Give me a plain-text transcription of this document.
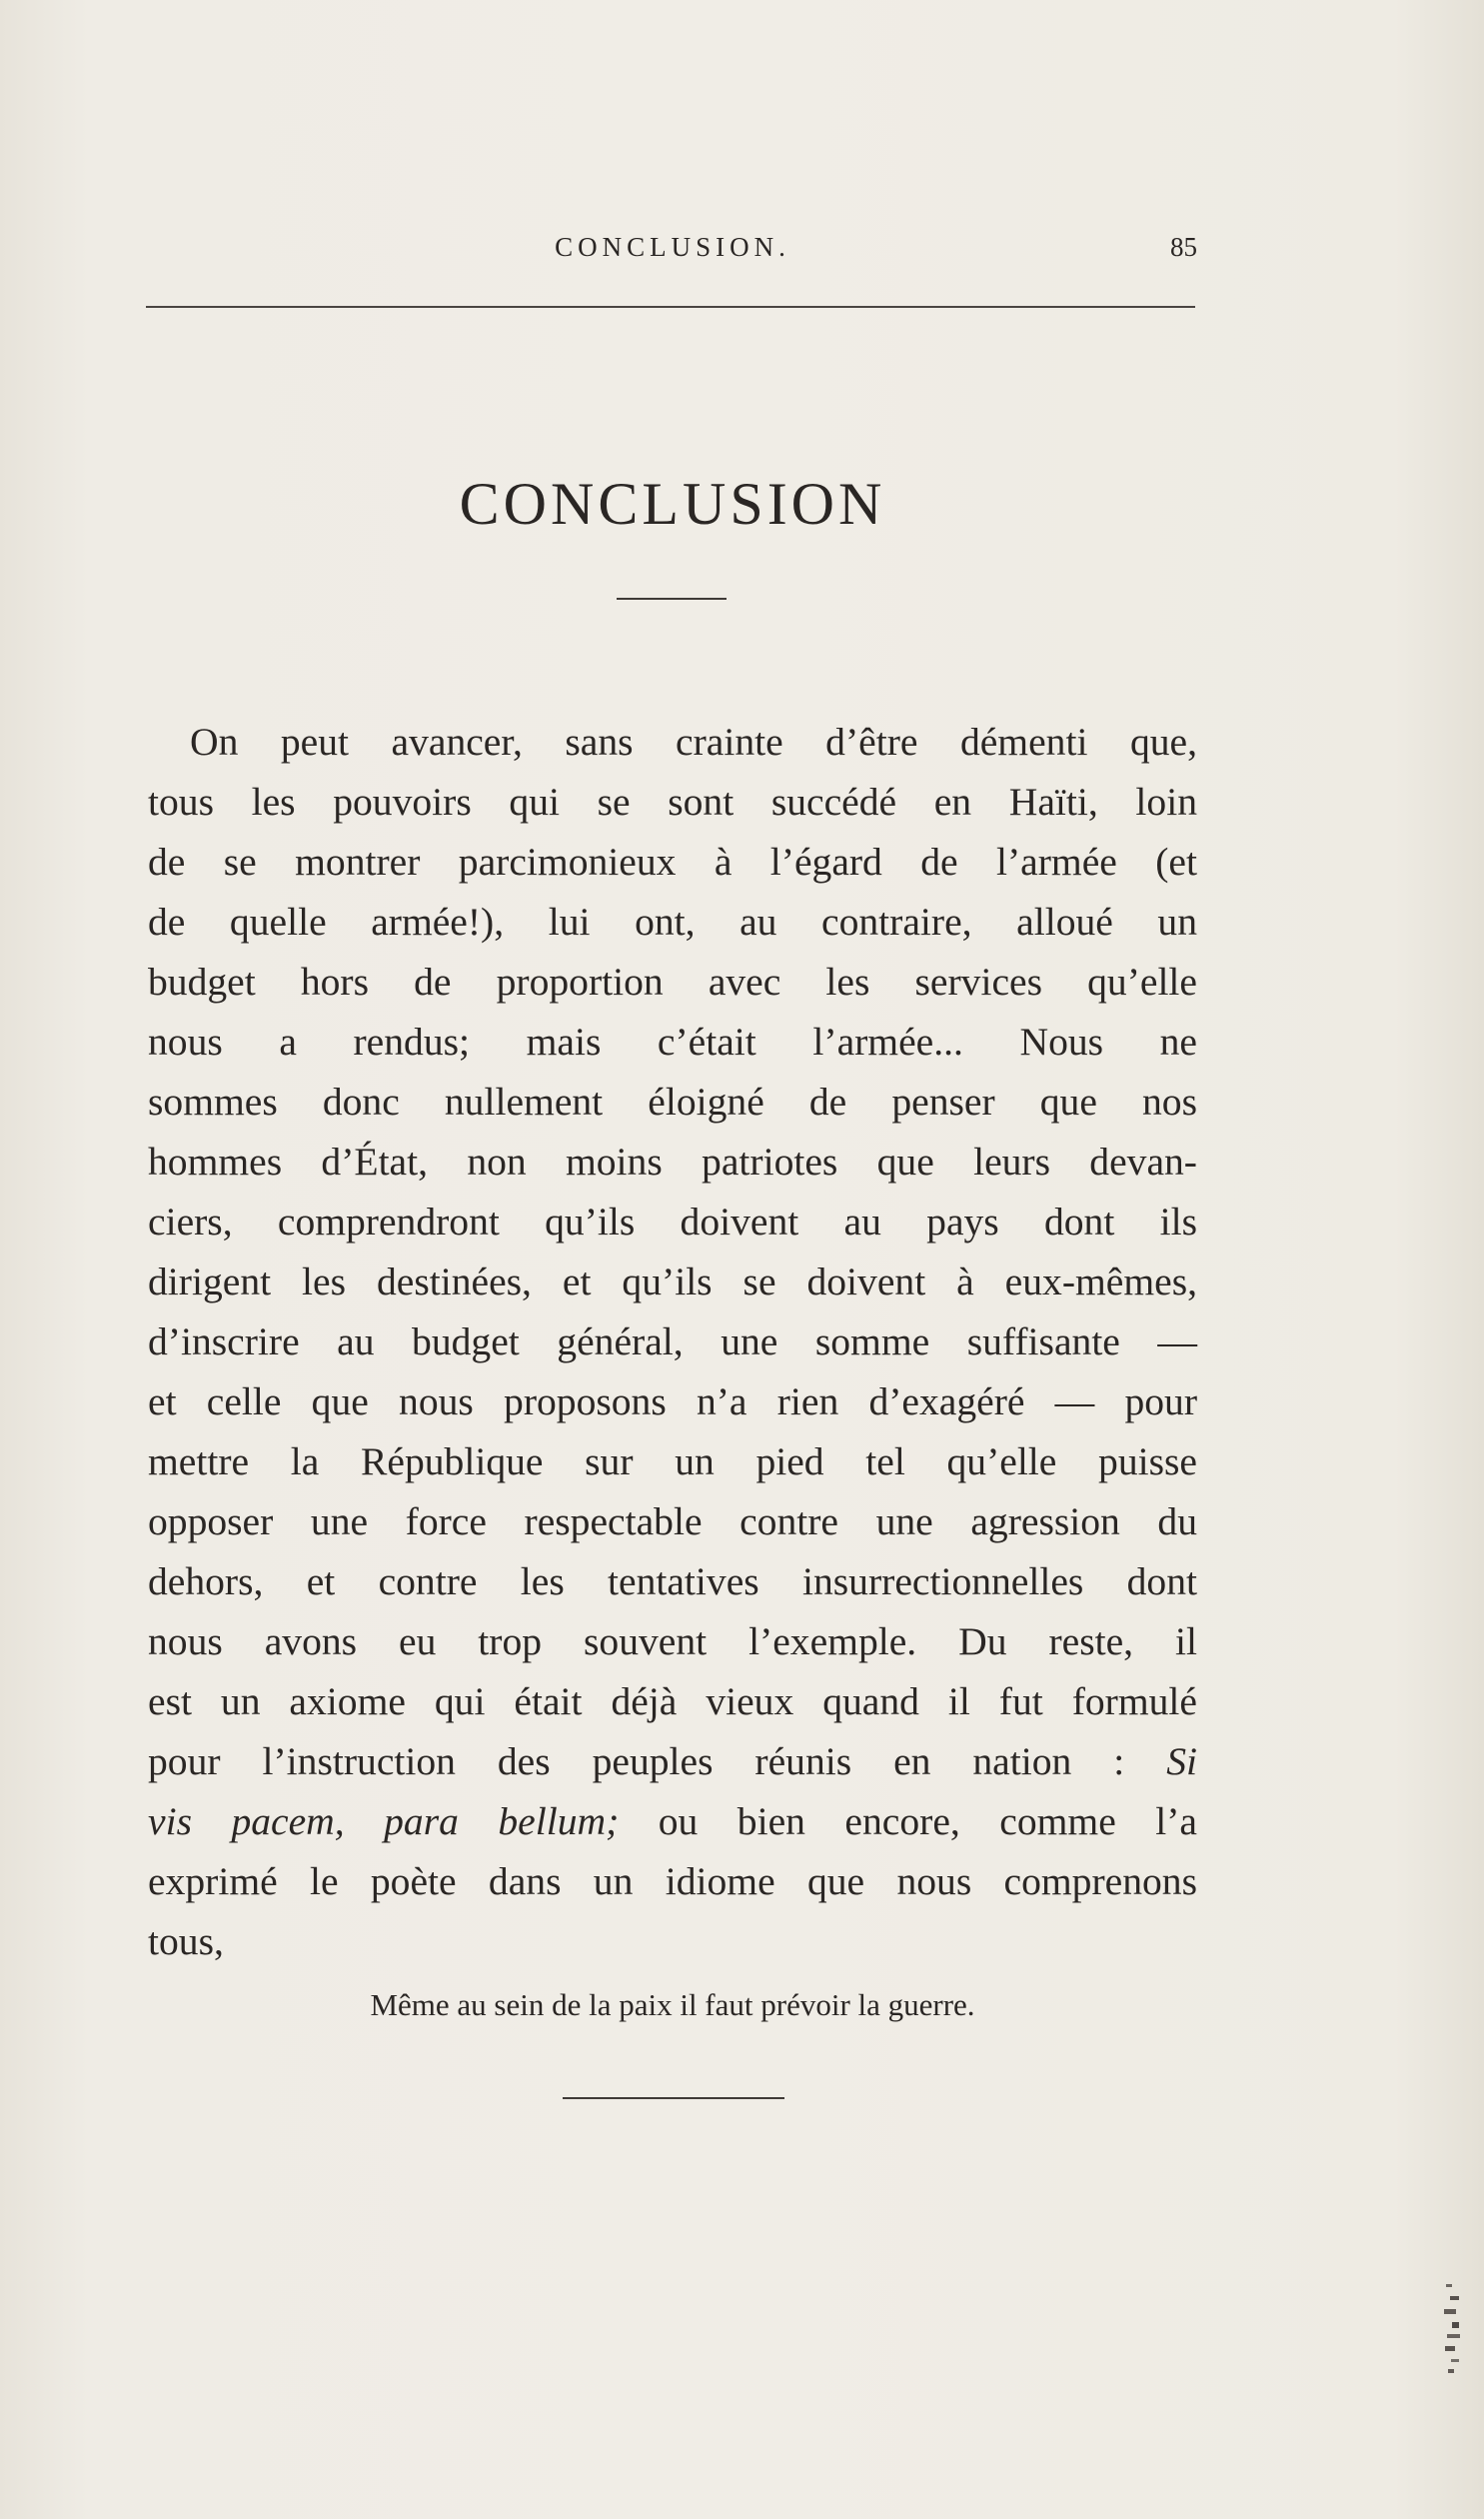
CONCLUSION.	85
CONCLUSION
On peut avancer, sans crainte d’être démenti que,
tous les pouvoirs qui se sont succédé en Haïti, loin
de se montrer parcimonieux à l’égard de l’armée (et
de quelle armée!), lui ont, au contraire, alloué un
budget hors de proportion avec les services qu’elle
nous a rendus; mais c’était l’armée... Nous ne
sommes donc nullement éloigné de penser que nos
hommes d’État, non moins patriotes que leurs devan-
ciers, comprendront qu’ils doivent au pays dont ils
dirigent les destinées, et qu’ils se doivent à eux-mêmes,
d’inscrire au budget général, une somme suffisante —
et celle que nous proposons n’a rien d’exagéré — pour
mettre la République sur un pied tel qu’elle puisse
opposer une force respectable contre une agression du
dehors, et contre les tentatives insurrectionnelles dont
nous avons eu trop souvent l’exemple. Du reste, il
est un axiome qui était déjà vieux quand il fut formulé
pour l’instruction des peuples réunis en nation : Si
vis pacem, para bellum; ou bien encore, comme l’a
exprimé le poète dans un idiome que nous comprenons
tous,
Même au sein de la paix il faut prévoir la guerre.
